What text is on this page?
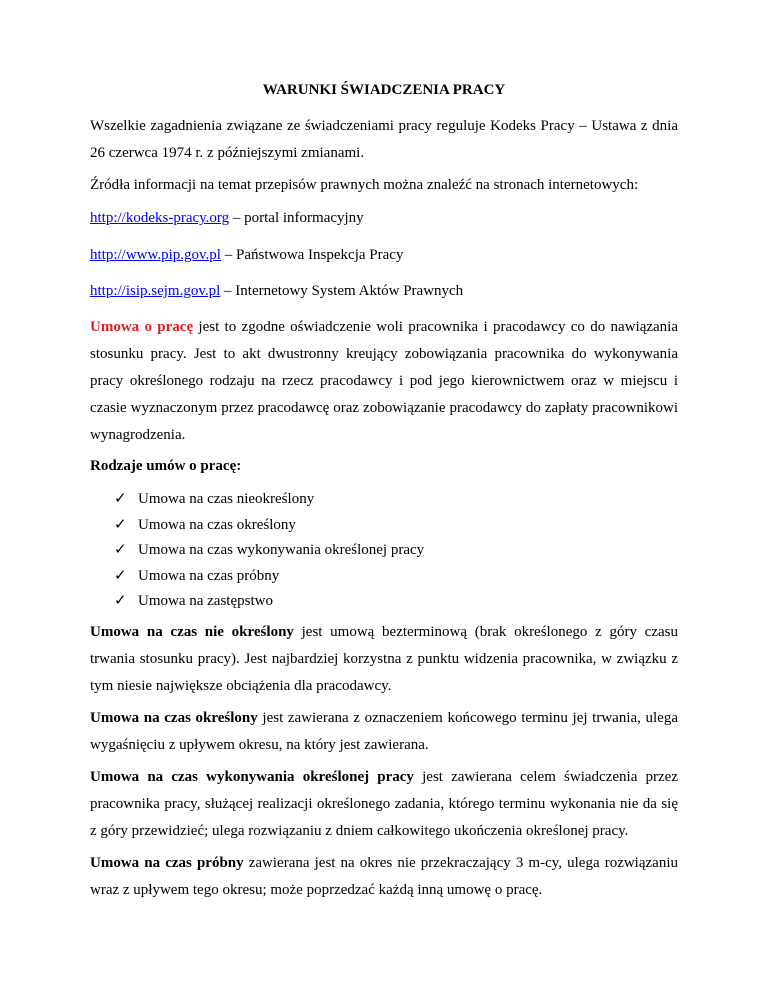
WARUNKI ŚWIADCZENIA PRACY
Wszelkie zagadnienia związane ze świadczeniami pracy reguluje Kodeks Pracy – Ustawa z dnia 26 czerwca 1974 r. z późniejszymi zmianami.
Źródła informacji na temat przepisów prawnych można znaleźć na stronach internetowych:
http://kodeks-pracy.org – portal informacyjny
http://www.pip.gov.pl – Państwowa Inspekcja Pracy
http://isip.sejm.gov.pl – Internetowy System Aktów Prawnych
Umowa o pracę jest to zgodne oświadczenie woli pracownika i pracodawcy co do nawiązania stosunku pracy. Jest to akt dwustronny kreujący zobowiązania pracownika do wykonywania pracy określonego rodzaju na rzecz pracodawcy i pod jego kierownictwem oraz w miejscu i czasie wyznaczonym przez pracodawcę oraz zobowiązanie pracodawcy do zapłaty pracownikowi wynagrodzenia.
Rodzaje umów o pracę:
✓ Umowa na czas nieokreślony
✓ Umowa na czas określony
✓ Umowa na czas wykonywania określonej pracy
✓ Umowa na czas próbny
✓ Umowa na zastępstwo
Umowa na czas nie określony jest umową bezterminową (brak określonego z góry czasu trwania stosunku pracy). Jest najbardziej korzystna z punktu widzenia pracownika, w związku z tym niesie największe obciążenia dla pracodawcy.
Umowa na czas określony jest zawierana z oznaczeniem końcowego terminu jej trwania, ulega wygaśnięciu z upływem okresu, na który jest zawierana.
Umowa na czas wykonywania określonej pracy jest zawierana celem świadczenia przez pracownika pracy, służącej realizacji określonego zadania, którego terminu wykonania nie da się z góry przewidzieć; ulega rozwiązaniu z dniem całkowitego ukończenia określonej pracy.
Umowa na czas próbny zawierana jest na okres nie przekraczający 3 m-cy, ulega rozwiązaniu wraz z upływem tego okresu; może poprzedzać każdą inną umowę o pracę.
